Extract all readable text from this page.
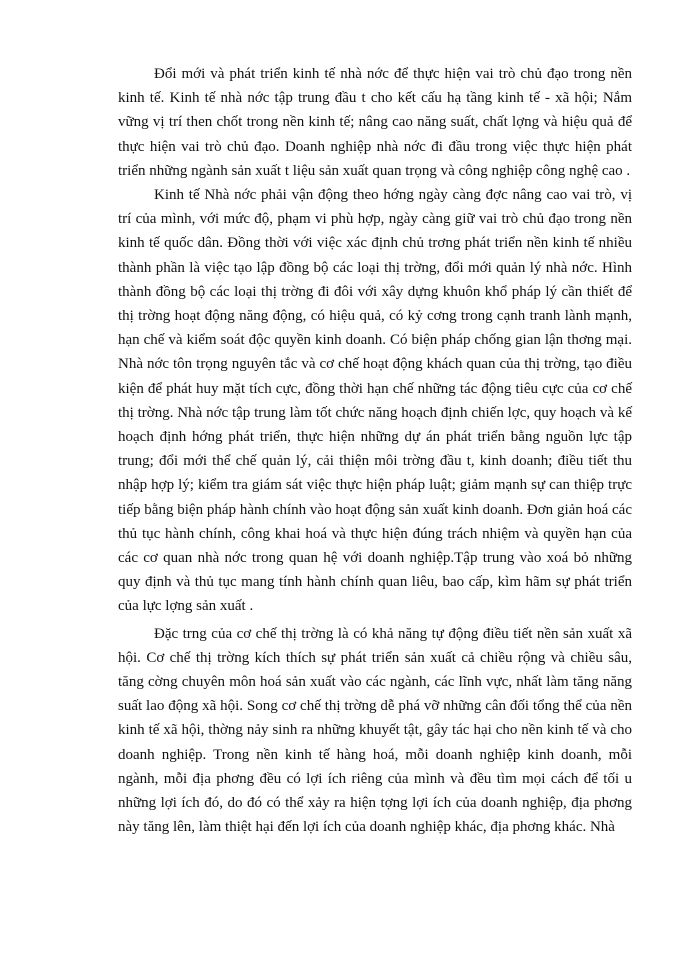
Đổi mới và phát triển kinh tế nhà nớc để thực hiện vai trò chủ đạo trong nền kinh tế. Kinh tế nhà nớc tập trung đầu t cho kết cấu hạ tầng kinh tế - xã hội; Nắm vững vị trí then chốt trong nền kinh tế; nâng cao năng suất, chất lợng và hiệu quả để thực hiện vai trò chủ đạo. Doanh nghiệp nhà nớc đi đầu trong việc thực hiện phát triển những ngành sản xuất t liệu sản xuất quan trọng và công nghiệp công nghệ cao .

Kinh tế Nhà nớc phải vận động theo hớng ngày càng đợc nâng cao vai trò, vị trí của mình, với mức độ, phạm vi phù hợp, ngày càng giữ vai trò chủ đạo trong nền kinh tế quốc dân. Đồng thời với việc xác định chủ trơng phát triển nền kinh tế nhiều thành phần là việc tạo lập đồng bộ các loại thị trờng, đổi mới quản lý nhà nớc. Hình thành đồng bộ các loại thị trờng đi đôi với xây dựng khuôn khổ pháp lý cần thiết để thị trờng hoạt động năng động, có hiệu quả, có kỷ cơng trong cạnh tranh lành mạnh, hạn chế và kiểm soát độc quyền kinh doanh. Có biện pháp chống gian lận thơng mại. Nhà nớc tôn trọng nguyên tắc và cơ chế hoạt động khách quan của thị trờng, tạo điều kiện để phát huy mặt tích cực, đồng thời hạn chế những tác động tiêu cực của cơ chế thị trờng. Nhà nớc tập trung làm tốt chức năng hoạch định chiến lợc, quy hoạch và kế hoạch định hớng phát triển, thực hiện những dự án phát triển bằng nguồn lực tập trung; đổi mới thể chế quản lý, cải thiện môi trờng đầu t, kinh doanh; điều tiết thu nhập hợp lý; kiểm tra giám sát việc thực hiện pháp luật; giảm mạnh sự can thiệp trực tiếp bằng biện pháp hành chính vào hoạt động sản xuất kinh doanh. Đơn giản hoá các thủ tục hành chính, công khai hoá và thực hiện đúng trách nhiệm và quyền hạn của các cơ quan nhà nớc trong quan hệ với doanh nghiệp.Tập trung vào xoá bỏ những quy định và thủ tục mang tính hành chính quan liêu, bao cấp, kìm hãm sự phát triển của lực lợng sản xuất .

Đặc trng của cơ chế thị trờng là có khả năng tự động điều tiết nền sản xuất xã hội. Cơ chế thị trờng kích thích sự phát triển sản xuất cả chiều rộng và chiều sâu, tăng cờng chuyên môn hoá sản xuất vào các ngành, các lĩnh vực, nhất làm tăng năng suất lao động xã hội. Song cơ chế thị trờng dễ phá vỡ những cân đối tổng thể của nền kinh tế xã hội, thờng nảy sinh ra những khuyết tật, gây tác hại cho nền kinh tế và cho doanh nghiệp. Trong nền kinh tế hàng hoá, mỗi doanh nghiệp kinh doanh, mỗi ngành, mỗi địa phơng đều có lợi ích riêng của mình và đều tìm mọi cách để tối u những lợi ích đó, do đó có thể xảy ra hiện tợng lợi ích của doanh nghiệp, địa phơng này tăng lên, làm thiệt hại đến lợi ích của doanh nghiệp khác, địa phơng khác. Nhà
